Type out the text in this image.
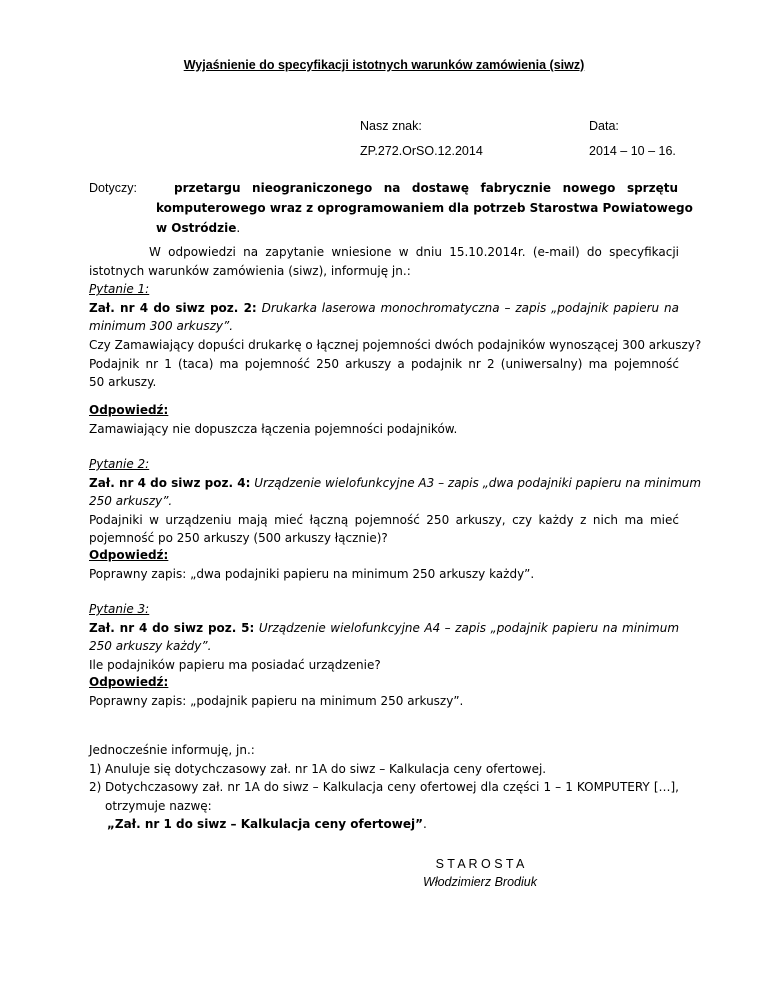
Wyjaśnienie do specyfikacji istotnych warunków zamówienia (siwz)
Nasz znak:	Data:
ZP.272.OrSO.12.2014	2014 – 10 – 16.
Dotyczy:	przetargu nieograniczonego na dostawę fabrycznie nowego sprzętu
komputerowego wraz z oprogramowaniem dla potrzeb Starostwa Powiatowego
w Ostródzie.
W odpowiedzi na zapytanie wniesione w dniu 15.10.2014r. (e-mail) do specyfikacji
istotnych warunków zamówienia (siwz), informuję jn.:
Pytanie 1:
Zał. nr 4 do siwz poz. 2: Drukarka laserowa monochromatyczna – zapis „podajnik papieru na
minimum 300 arkuszy”.
Czy Zamawiający dopuści drukarkę o łącznej pojemności dwóch podajników wynoszącej 300 arkuszy?
Podajnik nr 1 (taca) ma pojemność 250 arkuszy a podajnik nr 2 (uniwersalny) ma pojemność
50 arkuszy.
Odpowiedź:
Zamawiający nie dopuszcza łączenia pojemności podajników.
Pytanie 2:
Zał. nr 4 do siwz poz. 4: Urządzenie wielofunkcyjne A3 – zapis „dwa podajniki papieru na minimum
250 arkuszy”.
Podajniki w urządzeniu mają mieć łączną pojemność 250 arkuszy, czy każdy z nich ma mieć
pojemność po 250 arkuszy (500 arkuszy łącznie)?
Odpowiedź:
Poprawny zapis: „dwa podajniki papieru na minimum 250 arkuszy każdy”.
Pytanie 3:
Zał. nr 4 do siwz poz. 5: Urządzenie wielofunkcyjne A4 – zapis „podajnik papieru na minimum
250 arkuszy każdy”.
Ile podajników papieru ma posiadać urządzenie?
Odpowiedź:
Poprawny zapis: „podajnik papieru na minimum 250 arkuszy”.
Jednocześnie informuję, jn.:
1) Anuluje się dotychczasowy zał. nr 1A do siwz – Kalkulacja ceny ofertowej.
2) Dotychczasowy zał. nr 1A do siwz – Kalkulacja ceny ofertowej dla części 1 – 1 KOMPUTERY […],
otrzymuje nazwę:
„Zał. nr 1 do siwz – Kalkulacja ceny ofertowej”.
S T A R O S T A
Włodzimierz Brodiuk
